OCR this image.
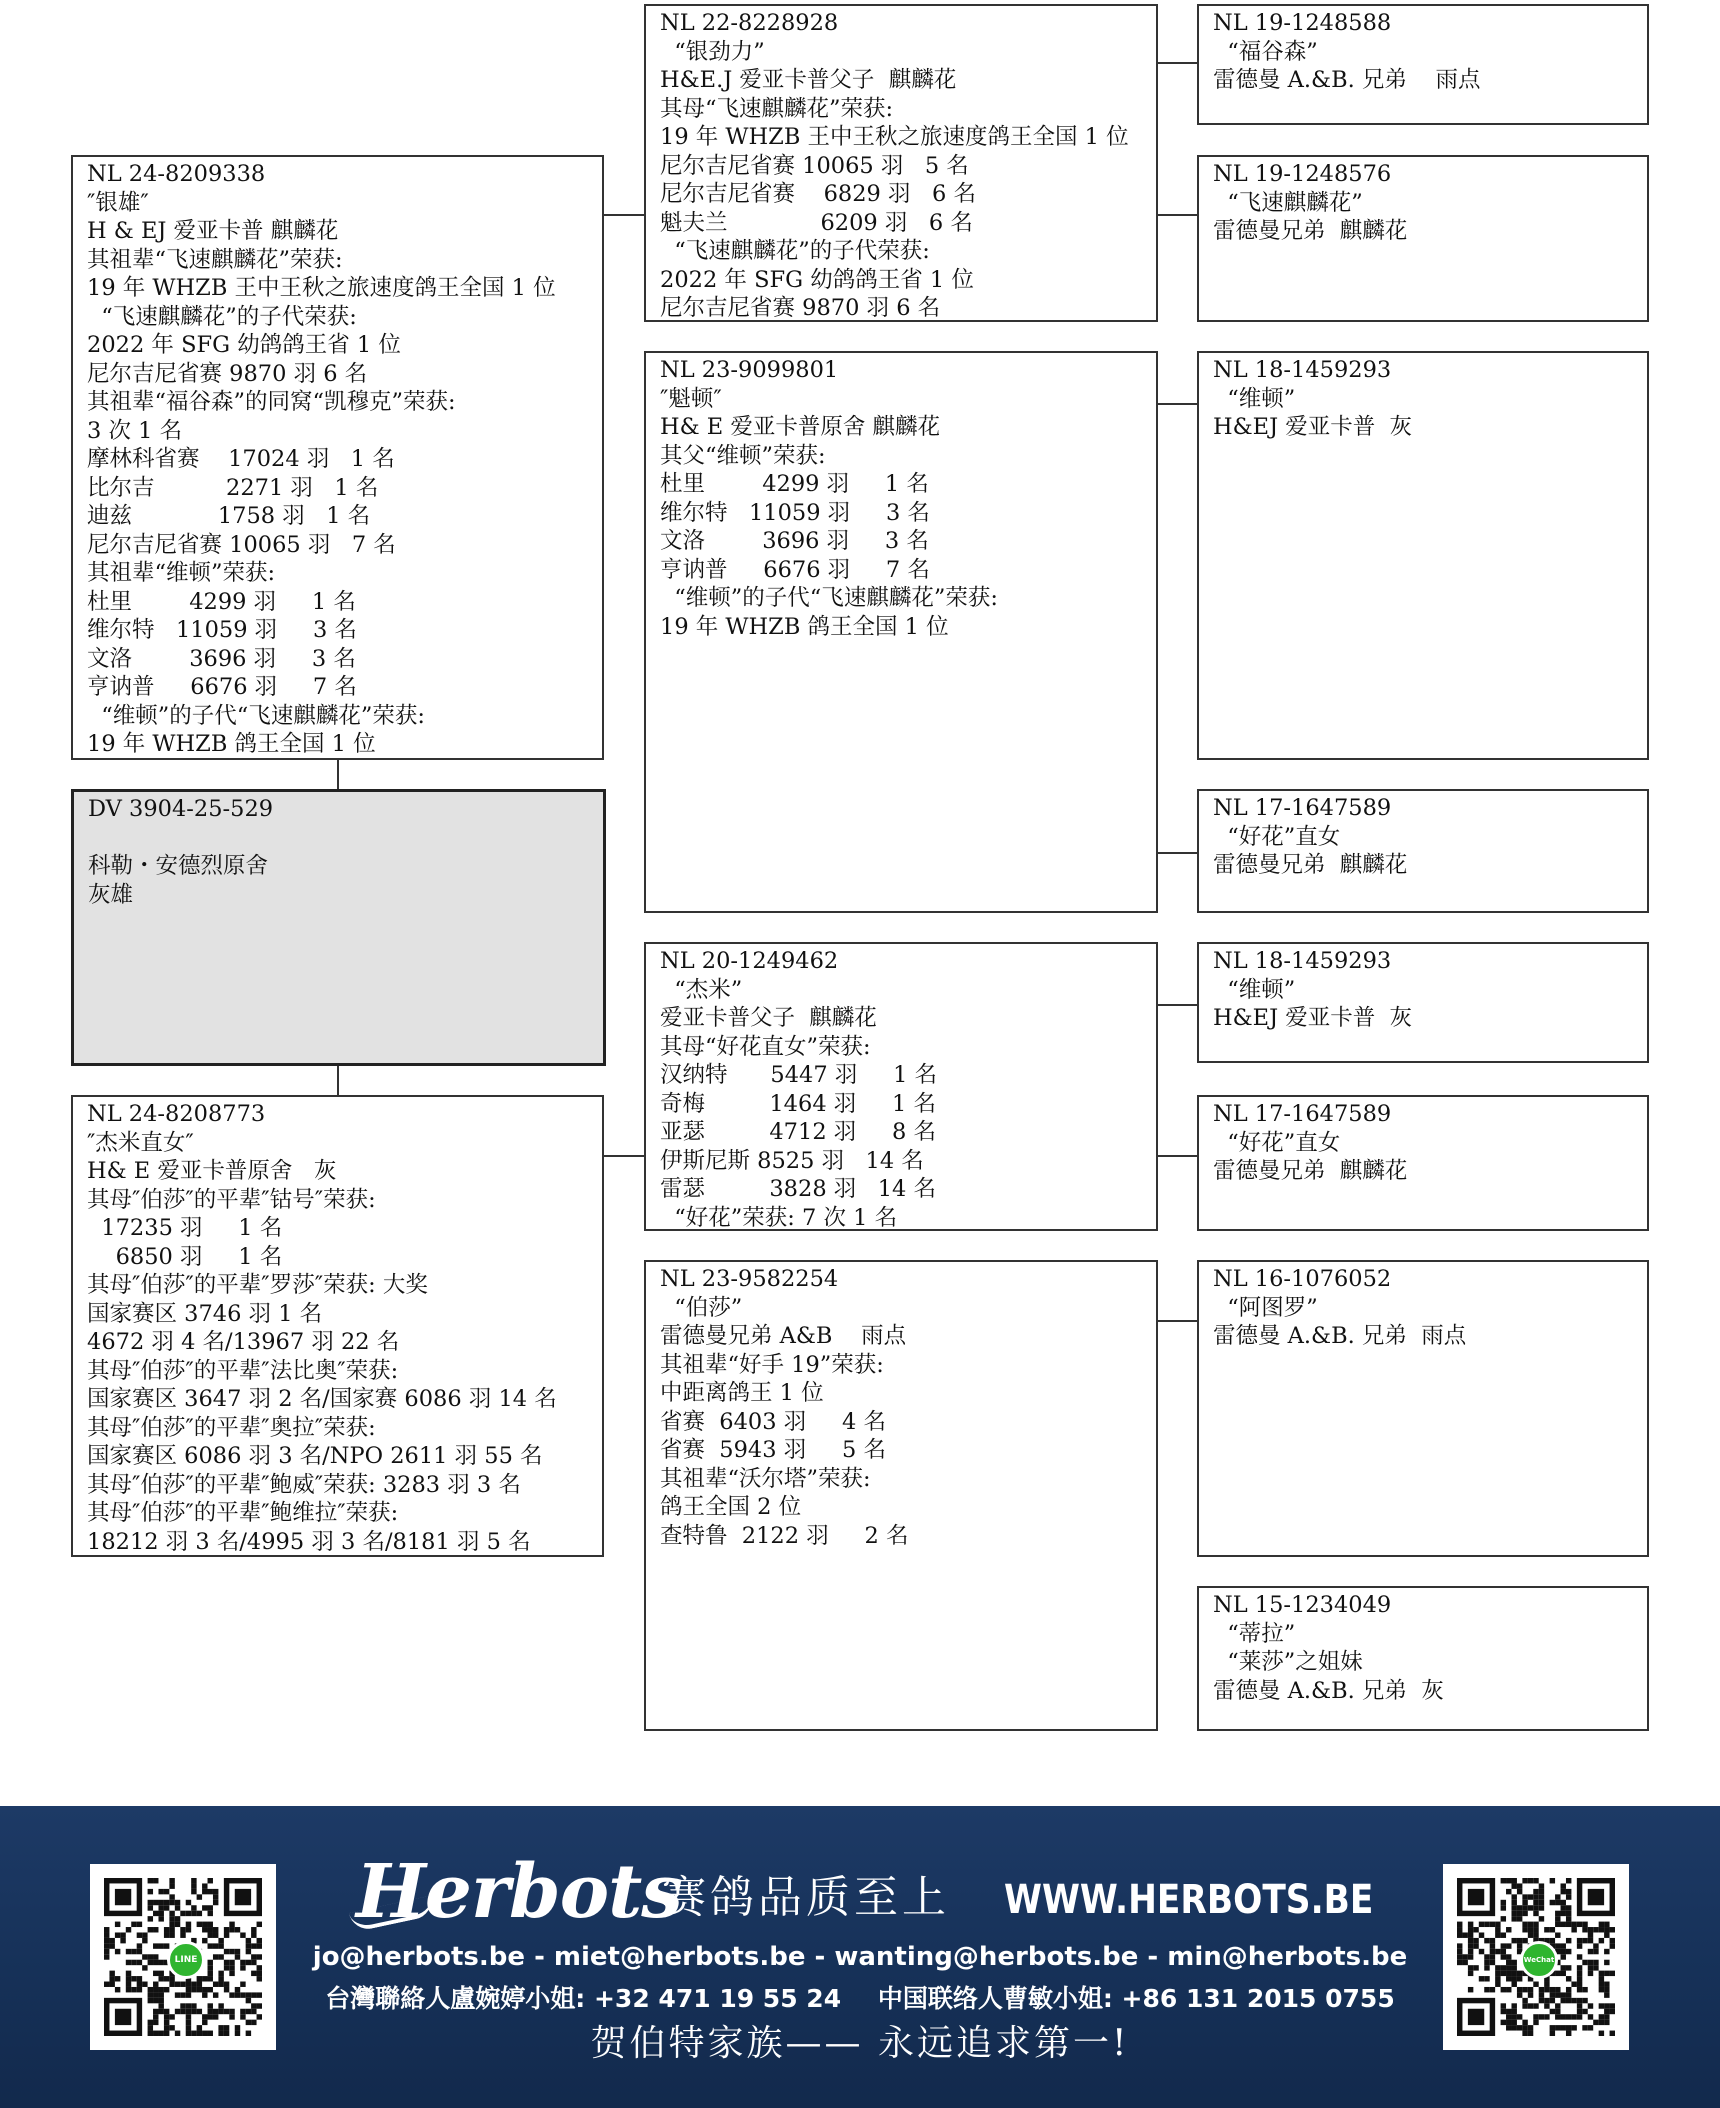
NL 24-8209338
″银雄″
H & EJ 爱亚卡普 麒麟花
其祖辈“飞速麒麟花”荣获:
19 年 WHZB 王中王秋之旅速度鸽王全国 1 位
“飞速麒麟花”的子代荣获:
2022 年 SFG 幼鸽鸽王省 1 位
尼尔吉尼省赛 9870 羽 6 名
其祖辈“福谷森”的同窝“凯穆克”荣获:
3 次 1 名
摩林科省赛    17024 羽   1 名
比尔吉          2271 羽   1 名
迪兹            1758 羽   1 名
尼尔吉尼省赛 10065 羽   7 名
其祖辈“维顿”荣获:
杜里        4299 羽     1 名
维尔特   11059 羽     3 名
文洛        3696 羽     3 名
亨讷普     6676 羽     7 名
“维顿”的子代“飞速麒麟花”荣获:
19 年 WHZB 鸽王全国 1 位
DV 3904-25-529
科勒・安德烈原舍
灰雄
NL 24-8208773
″杰米直女″
H& E 爱亚卡普原舍   灰
其母″伯莎″的平辈″钴号″荣获:
17235 羽     1 名
6850 羽     1 名
其母″伯莎″的平辈″罗莎″荣获: 大奖
国家赛区 3746 羽 1 名
4672 羽 4 名/13967 羽 22 名
其母″伯莎″的平辈″法比奥″荣获:
国家赛区 3647 羽 2 名/国家赛 6086 羽 14 名
其母″伯莎″的平辈″奥拉″荣获:
国家赛区 6086 羽 3 名/NPO 2611 羽 55 名
其母″伯莎″的平辈″鲍威″荣获: 3283 羽 3 名
其母″伯莎″的平辈″鲍维拉″荣获:
18212 羽 3 名/4995 羽 3 名/8181 羽 5 名
NL 22-8228928
“银劲力”
H&E.J 爱亚卡普父子  麒麟花
其母“飞速麒麟花”荣获:
19 年 WHZB 王中王秋之旅速度鸽王全国 1 位
尼尔吉尼省赛 10065 羽   5 名
尼尔吉尼省赛    6829 羽   6 名
魁夫兰             6209 羽   6 名
“飞速麒麟花”的子代荣获:
2022 年 SFG 幼鸽鸽王省 1 位
尼尔吉尼省赛 9870 羽 6 名
NL 23-9099801
″魁顿″
H& E 爱亚卡普原舍 麒麟花
其父“维顿”荣获:
杜里        4299 羽     1 名
维尔特   11059 羽     3 名
文洛        3696 羽     3 名
亨讷普     6676 羽     7 名
“维顿”的子代“飞速麒麟花”荣获:
19 年 WHZB 鸽王全国 1 位
NL 20-1249462
“杰米”
爱亚卡普父子  麒麟花
其母“好花直女”荣获:
汉纳特      5447 羽     1 名
奇梅         1464 羽     1 名
亚瑟         4712 羽     8 名
伊斯尼斯 8525 羽   14 名
雷瑟         3828 羽   14 名
“好花”荣获: 7 次 1 名
NL 23-9582254
“伯莎”
雷德曼兄弟 A&B    雨点
其祖辈“好手 19”荣获:
中距离鸽王 1 位
省赛  6403 羽     4 名
省赛  5943 羽     5 名
其祖辈“沃尔塔”荣获:
鸽王全国 2 位
查特鲁  2122 羽     2 名
NL 19-1248588
“福谷森”
雷德曼 A.&B. 兄弟    雨点
NL 19-1248576
“飞速麒麟花”
雷德曼兄弟  麒麟花
NL 18-1459293
“维顿”
H&EJ 爱亚卡普  灰
NL 17-1647589
“好花”直女
雷德曼兄弟  麒麟花
NL 18-1459293
“维顿”
H&EJ 爱亚卡普  灰
NL 17-1647589
“好花”直女
雷德曼兄弟  麒麟花
NL 16-1076052
“阿图罗”
雷德曼 A.&B. 兄弟  雨点
NL 15-1234049
“蒂拉”
“莱莎”之姐妹
雷德曼 A.&B. 兄弟  灰
LINE	WeChat
Herbots
赛鸽品质至上 WWW.HERBOTS.BE
jo@herbots.be - miet@herbots.be - wanting@herbots.be - min@herbots.be
台灣聯絡人盧婉婷小姐: +32 471 19 55 24 中国联络人曹敏小姐: +86 131 2015 0755
贺伯特家族—— 永远追求第一!
